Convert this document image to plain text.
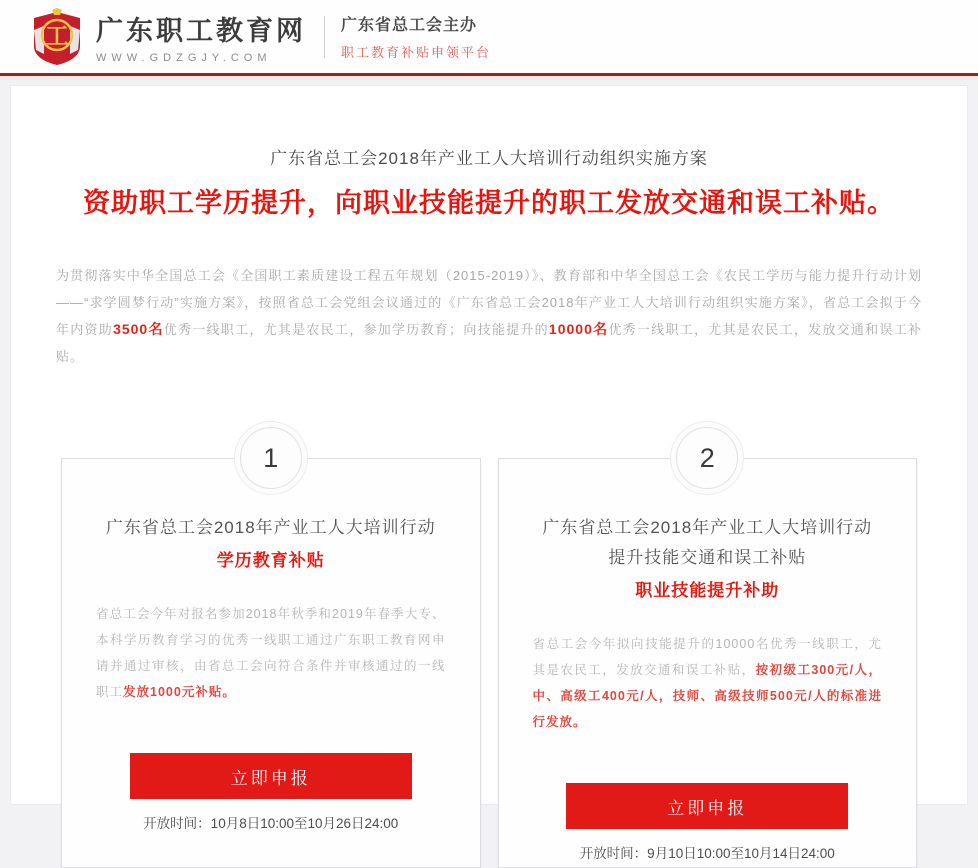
工 广东职工教育网
WWW.GDZGJY.COM
广东省总工会主办
职工教育补贴申领平台
广东省总工会2018年产业工人大培训行动组织实施方案
资助职工学历提升，向职业技能提升的职工发放交通和误工补贴。

为贯彻落实中华全国总工会《全国职工素质建设工程五年规划（2015-2019）》、教育部和中华全国总工会《农民工学历与能力提升行动计划——“求学圆梦行动”实施方案》，按照省总工会党组会议通过的《广东省总工会2018年产业工人大培训行动组织实施方案》，省总工会拟于今年内资助3500名优秀一线职工，尤其是农民工，参加学历教育；向技能提升的10000名优秀一线职工，尤其是农民工，发放交通和误工补贴。

1
广东省总工会2018年产业工人大培训行动
学历教育补贴

省总工会今年对报名参加2018年秋季和2019年春季大专、本科学历教育学习的优秀一线职工通过广东职工教育网申请并通过审核，由省总工会向符合条件并审核通过的一线职工发放1000元补贴。

立即申报
开放时间：10月8日10:00至10月26日24:00
2
广东省总工会2018年产业工人大培训行动提升技能交通和误工补贴
职业技能提升补助

省总工会今年拟向技能提升的10000名优秀一线职工，尤其是农民工，发放交通和误工补贴，按初级工300元/人，中、高级工400元/人，技师、高级技师500元/人的标准进行发放。

立即申报
开放时间：9月10日10:00至10月14日24:00
